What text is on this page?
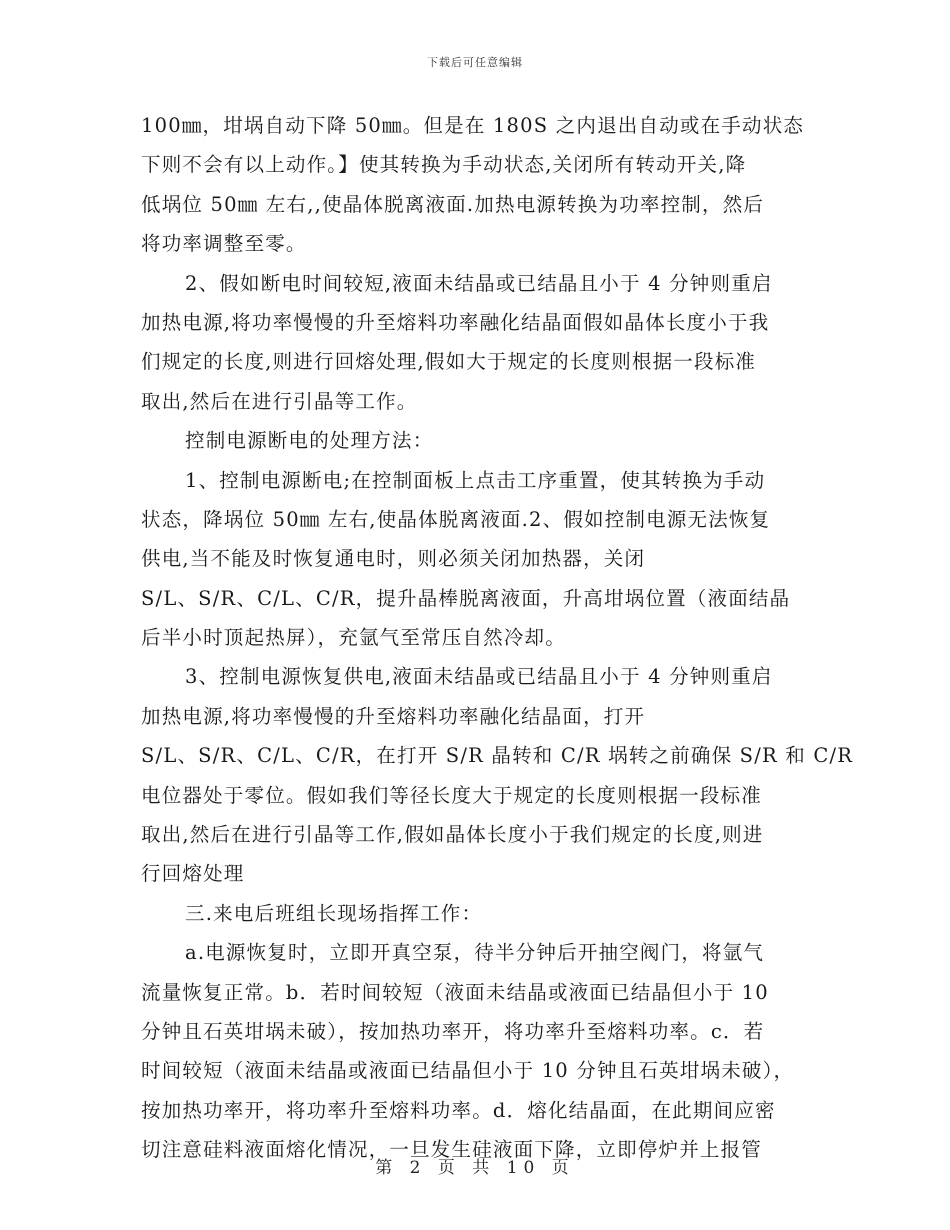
下载后可任意编辑
100㎜，坩埚自动下降 50㎜。但是在 180S 之内退出自动或在手动状态
下则不会有以上动作。】使其转换为手动状态,关闭所有转动开关,降
低埚位 50㎜ 左右,,使晶体脱离液面.加热电源转换为功率控制，然后
将功率调整至零。
2、假如断电时间较短,液面未结晶或已结晶且小于 4 分钟则重启
加热电源,将功率慢慢的升至熔料功率融化结晶面假如晶体长度小于我
们规定的长度,则进行回熔处理,假如大于规定的长度则根据一段标准
取出,然后在进行引晶等工作。
控制电源断电的处理方法：
1、控制电源断电;在控制面板上点击工序重置，使其转换为手动
状态，降埚位 50㎜ 左右,使晶体脱离液面.2、假如控制电源无法恢复
供电,当不能及时恢复通电时，则必须关闭加热器，关闭
S/L、S/R、C/L、C/R，提升晶棒脱离液面，升高坩埚位置（液面结晶
后半小时顶起热屏），充氩气至常压自然冷却。
3、控制电源恢复供电,液面未结晶或已结晶且小于 4 分钟则重启
加热电源,将功率慢慢的升至熔料功率融化结晶面，打开
S/L、S/R、C/L、C/R，在打开 S/R 晶转和 C/R 埚转之前确保 S/R 和 C/R
电位器处于零位。假如我们等径长度大于规定的长度则根据一段标准
取出,然后在进行引晶等工作,假如晶体长度小于我们规定的长度,则进
行回熔处理
三.来电后班组长现场指挥工作：
a.电源恢复时，立即开真空泵，待半分钟后开抽空阀门，将氩气
流量恢复正常。b．若时间较短（液面未结晶或液面已结晶但小于 10
分钟且石英坩埚未破），按加热功率开，将功率升至熔料功率。c．若
时间较短（液面未结晶或液面已结晶但小于 10 分钟且石英坩埚未破），
按加热功率开，将功率升至熔料功率。d．熔化结晶面，在此期间应密
切注意硅料液面熔化情况，一旦发生硅液面下降，立即停炉并上报管
第 2 页 共 10 页
